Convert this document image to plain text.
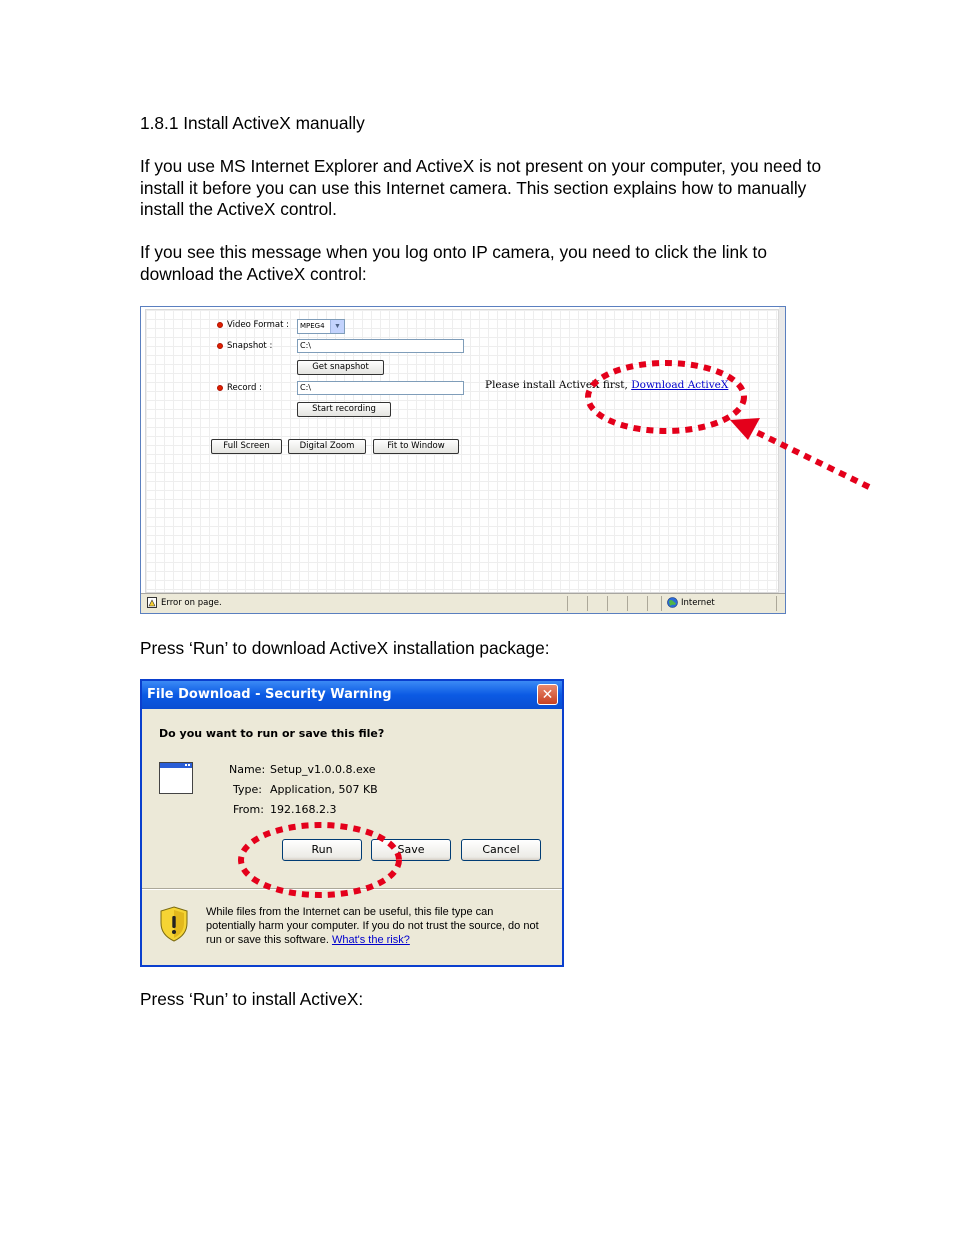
1.8.1 Install ActiveX manually

If you use MS Internet Explorer and ActiveX is not present on your computer, you need to install it before you can use this Internet camera. This section explains how to manually install the ActiveX control.

If you see this message when you log onto IP camera, you need to click the link to download the ActiveX control:

Video Format : MPEG4	▼
Snapshot :	C:\
Get snapshot
Record :	C:\
Start recording
Full Screen	Digital Zoom	Fit to Window
Please install ActiveX first, Download ActiveX
Error on page.	Internet

Press ‘Run’ to download ActiveX installation package:

File Download - Security Warning	✕
Do you want to run or save this file?
Name: Setup_v1.0.0.8.exe
Type: Application, 507 KB
From: 192.168.2.3
Run	Save	Cancel
While files from the Internet can be useful, this file type can
potentially harm your computer. If you do not trust the source, do not
run or save this software. What's the risk?

Press ‘Run’ to install ActiveX:
